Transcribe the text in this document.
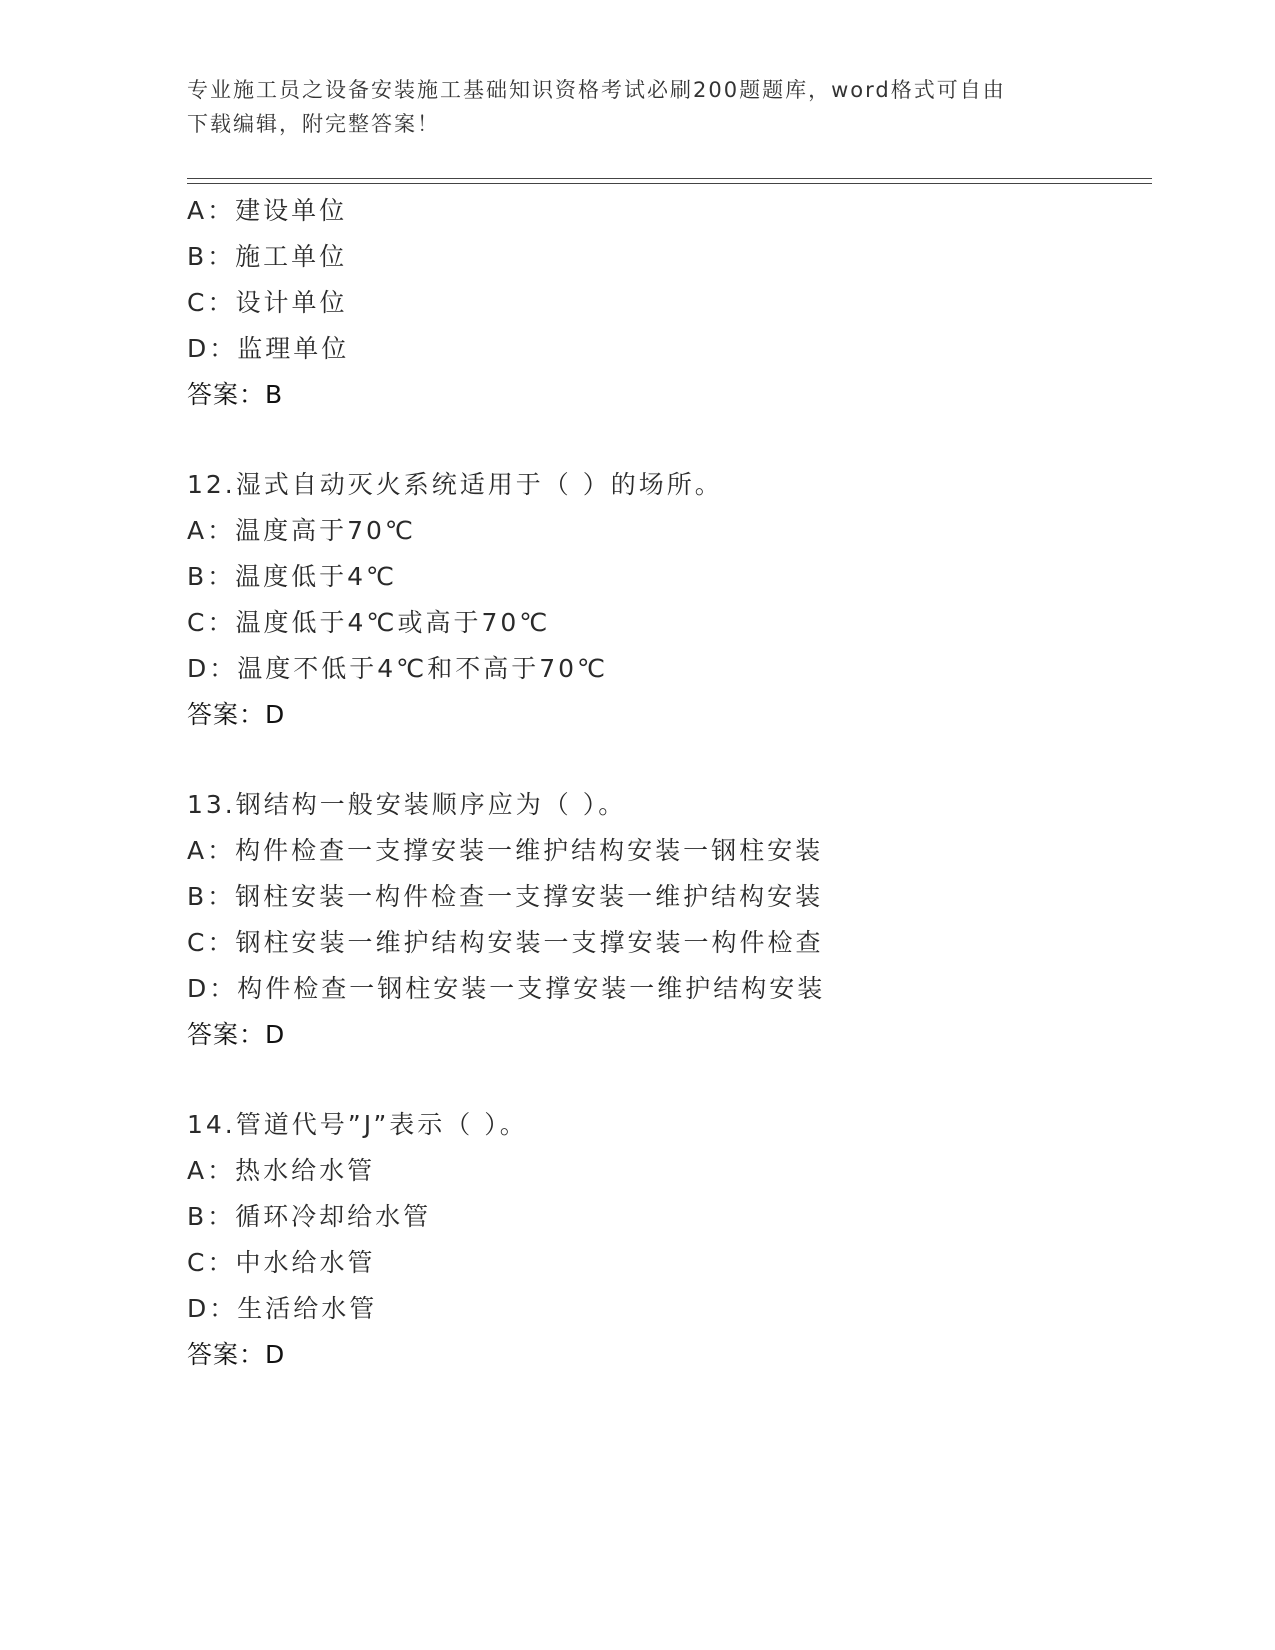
专业施工员之设备安装施工基础知识资格考试必刷200题题库，word格式可自由
下载编辑，附完整答案！
A：建设单位
B：施工单位
C：设计单位
D：监理单位
答案：B
12.湿式自动灭火系统适用于（ ）的场所。
A：温度高于70℃
B：温度低于4℃
C：温度低于4℃或高于70℃
D：温度不低于4℃和不高于70℃
答案：D
13.钢结构一般安装顺序应为（ ）。
A：构件检查一支撑安装一维护结构安装一钢柱安装
B：钢柱安装一构件检查一支撑安装一维护结构安装
C：钢柱安装一维护结构安装一支撑安装一构件检查
D：构件检查一钢柱安装一支撑安装一维护结构安装
答案：D
14.管道代号”J”表示（ ）。
A：热水给水管
B：循环冷却给水管
C：中水给水管
D：生活给水管
答案：D
